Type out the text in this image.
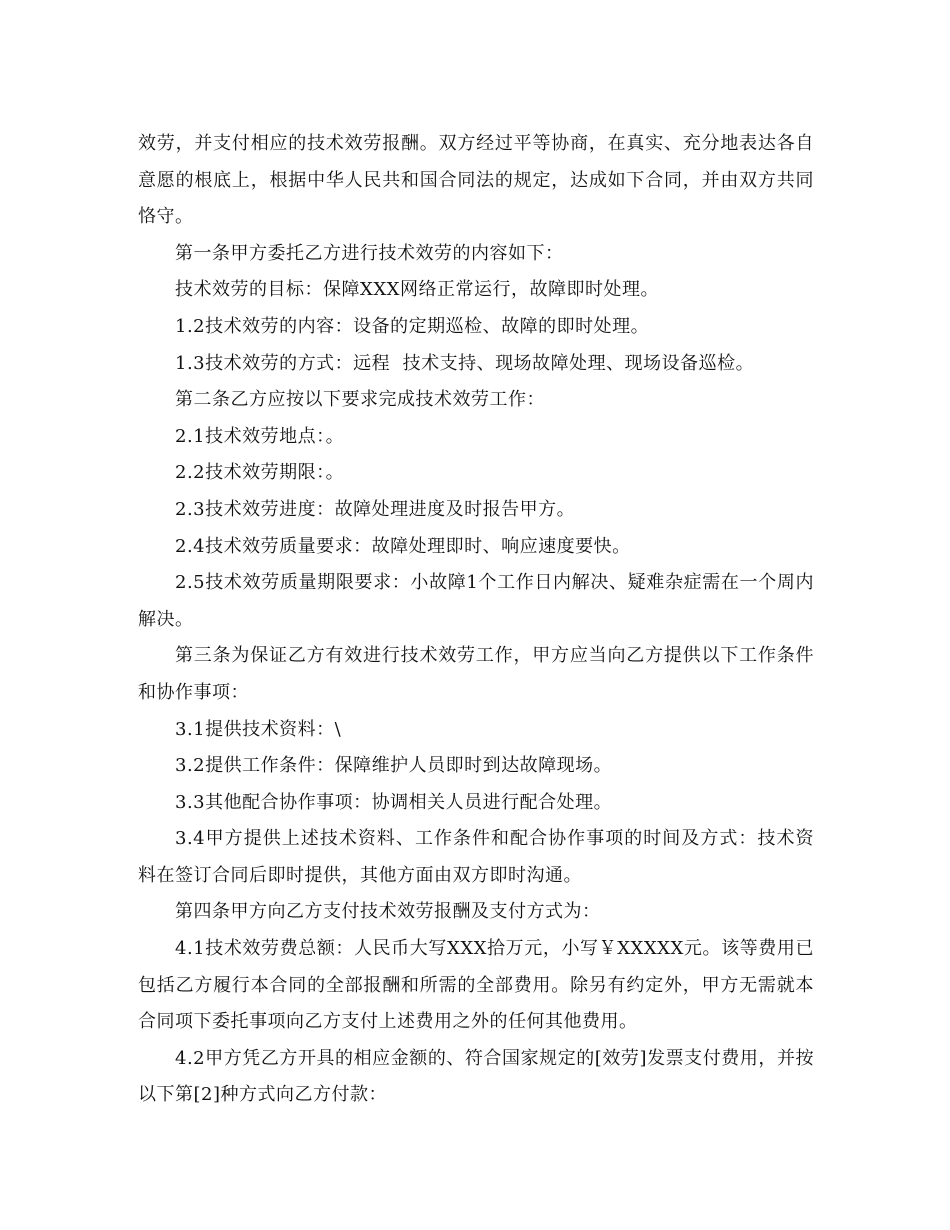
效劳，并支付相应的技术效劳报酬。双方经过平等协商，在真实、充分地表达各自意愿的根底上，根据中华人民共和国合同法的规定，达成如下合同，并由双方共同恪守。

第一条甲方委托乙方进行技术效劳的内容如下：

技术效劳的目标：保障XXX网络正常运行，故障即时处理。

1.2技术效劳的内容：设备的定期巡检、故障的即时处理。

1.3技术效劳的方式：远程  技术支持、现场故障处理、现场设备巡检。

第二条乙方应按以下要求完成技术效劳工作：

2.1技术效劳地点：。

2.2技术效劳期限：。

2.3技术效劳进度：故障处理进度及时报告甲方。

2.4技术效劳质量要求：故障处理即时、响应速度要快。

2.5技术效劳质量期限要求：小故障1个工作日内解决、疑难杂症需在一个周内解决。

第三条为保证乙方有效进行技术效劳工作，甲方应当向乙方提供以下工作条件和协作事项：

3.1提供技术资料：\

3.2提供工作条件：保障维护人员即时到达故障现场。

3.3其他配合协作事项：协调相关人员进行配合处理。

3.4甲方提供上述技术资料、工作条件和配合协作事项的时间及方式：技术资料在签订合同后即时提供，其他方面由双方即时沟通。

第四条甲方向乙方支付技术效劳报酬及支付方式为：

4.1技术效劳费总额：人民币大写XXX拾万元，小写￥XXXXX元。该等费用已包括乙方履行本合同的全部报酬和所需的全部费用。除另有约定外，甲方无需就本合同项下委托事项向乙方支付上述费用之外的任何其他费用。

4.2甲方凭乙方开具的相应金额的、符合国家规定的[效劳]发票支付费用，并按以下第[2]种方式向乙方付款：
